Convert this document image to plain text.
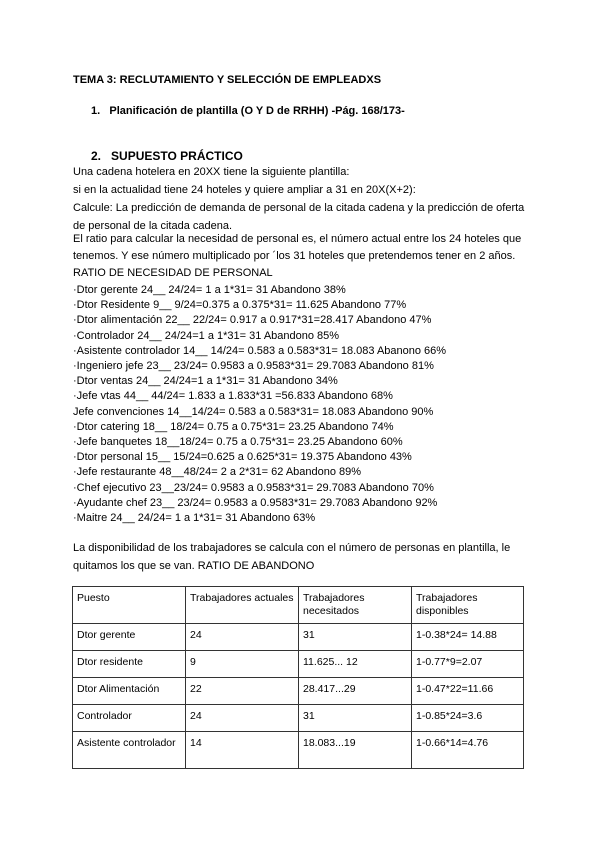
TEMA 3: RECLUTAMIENTO Y SELECCIÓN DE EMPLEADXS
1. Planificación de plantilla (O Y D de RRHH) -Pág. 168/173-
2. SUPUESTO PRÁCTICO
Una cadena hotelera en 20XX tiene la siguiente plantilla:
si en la actualidad tiene 24 hoteles y quiere ampliar a 31 en 20X(X+2):
Calcule: La predicción de demanda de personal de la citada cadena y la predicción de oferta
de personal de la citada cadena.
El ratio para calcular la necesidad de personal es, el número actual entre los 24 hoteles que
tenemos. Y ese número multiplicado por ´los 31 hoteles que pretendemos tener en 2 años.
RATIO DE NECESIDAD DE PERSONAL
·Dtor gerente 24__ 24/24= 1 a 1*31= 31 Abandono 38%
·Dtor Residente 9__ 9/24=0.375 a 0.375*31= 11.625 Abandono 77%
·Dtor alimentación 22__ 22/24= 0.917 a 0.917*31=28.417 Abandono 47%
·Controlador 24__ 24/24=1 a 1*31= 31 Abandono 85%
·Asistente controlador 14__ 14/24= 0.583 a 0.583*31= 18.083 Abanono 66%
·Ingeniero jefe 23__ 23/24= 0.9583 a 0.9583*31= 29.7083 Abandono 81%
·Dtor ventas 24__ 24/24=1 a 1*31= 31 Abandono 34%
·Jefe vtas 44__ 44/24= 1.833 a 1.833*31 =56.833 Abandono 68%
Jefe convenciones 14__14/24= 0.583 a 0.583*31= 18.083 Abandono 90%
·Dtor catering 18__ 18/24= 0.75 a 0.75*31= 23.25 Abandono 74%
·Jefe banquetes 18__18/24= 0.75 a 0.75*31= 23.25 Abandono 60%
·Dtor personal 15__ 15/24=0.625 a 0.625*31= 19.375 Abandono 43%
·Jefe restaurante 48__48/24= 2 a 2*31= 62 Abandono 89%
·Chef ejecutivo 23__23/24= 0.9583 a 0.9583*31= 29.7083 Abandono 70%
·Ayudante chef 23__ 23/24= 0.9583 a 0.9583*31= 29.7083 Abandono 92%
·Maitre 24__ 24/24= 1 a 1*31= 31 Abandono 63%
La disponibilidad de los trabajadores se calcula con el número de personas en plantilla, le
quitamos los que se van. RATIO DE ABANDONO
Puesto	Trabajadores actuales	Trabajadores necesitados	Trabajadores disponibles
Dtor gerente	24	31	1-0.38*24= 14.88
Dtor residente	9	11.625... 12	1-0.77*9=2.07
Dtor Alimentación	22	28.417...29	1-0.47*22=11.66
Controlador	24	31	1-0.85*24=3.6
Asistente controlador	14	18.083...19	1-0.66*14=4.76
